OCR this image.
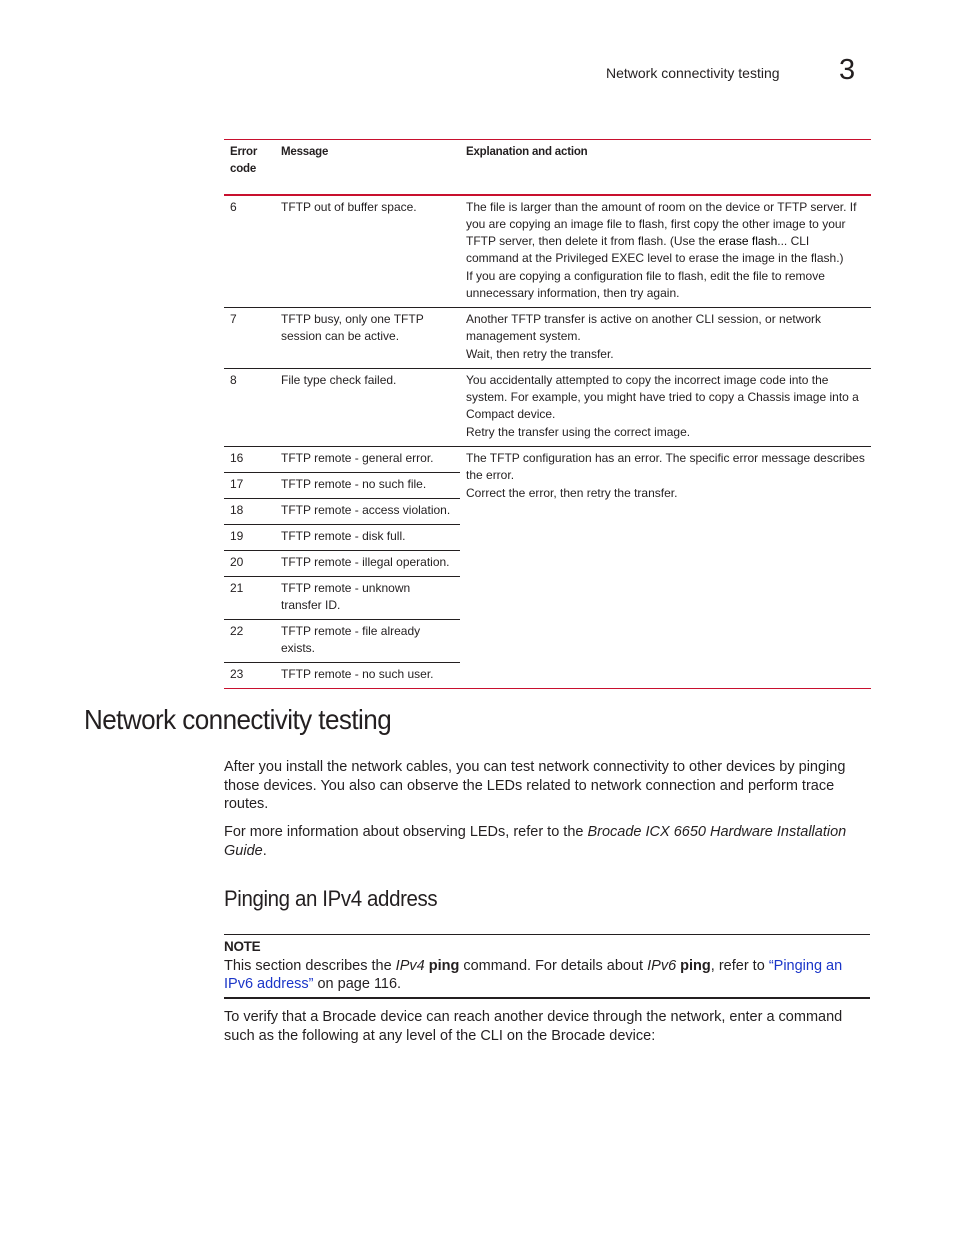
Network connectivity testing 3
Error code	Message	Explanation and action
6	TFTP out of buffer space.	The file is larger than the amount of room on the device or TFTP server. If you are copying an image file to flash, first copy the other image to your TFTP server, then delete it from flash. (Use the erase flash... CLI command at the Privileged EXEC level to erase the image in the flash.)

If you are copying a configuration file to flash, edit the file to remove unnecessary information, then try again.

7	TFTP busy, only one TFTP session can be active.	Another TFTP transfer is active on another CLI session, or network management system.

Wait, then retry the transfer.

8	File type check failed.	You accidentally attempted to copy the incorrect image code into the system. For example, you might have tried to copy a Chassis image into a Compact device.

Retry the transfer using the correct image.

16	TFTP remote - general error.	The TFTP configuration has an error. The specific error message describes the error.

Correct the error, then retry the transfer.

17	TFTP remote - no such file.	
18	TFTP remote - access violation.	
19	TFTP remote - disk full.	
20	TFTP remote - illegal operation.	
21	TFTP remote - unknown transfer ID.	
22	TFTP remote - file already exists.	
23	TFTP remote - no such user.	
Network connectivity testing

After you install the network cables, you can test network connectivity to other devices by pinging those devices. You also can observe the LEDs related to network connection and perform trace routes.

For more information about observing LEDs, refer to the Brocade ICX 6650 Hardware Installation Guide.

Pinging an IPv4 address
NOTE
This section describes the IPv4 ping command. For details about IPv6 ping, refer to “Pinging an IPv6 address” on page 116.

To verify that a Brocade device can reach another device through the network, enter a command such as the following at any level of the CLI on the Brocade device:
